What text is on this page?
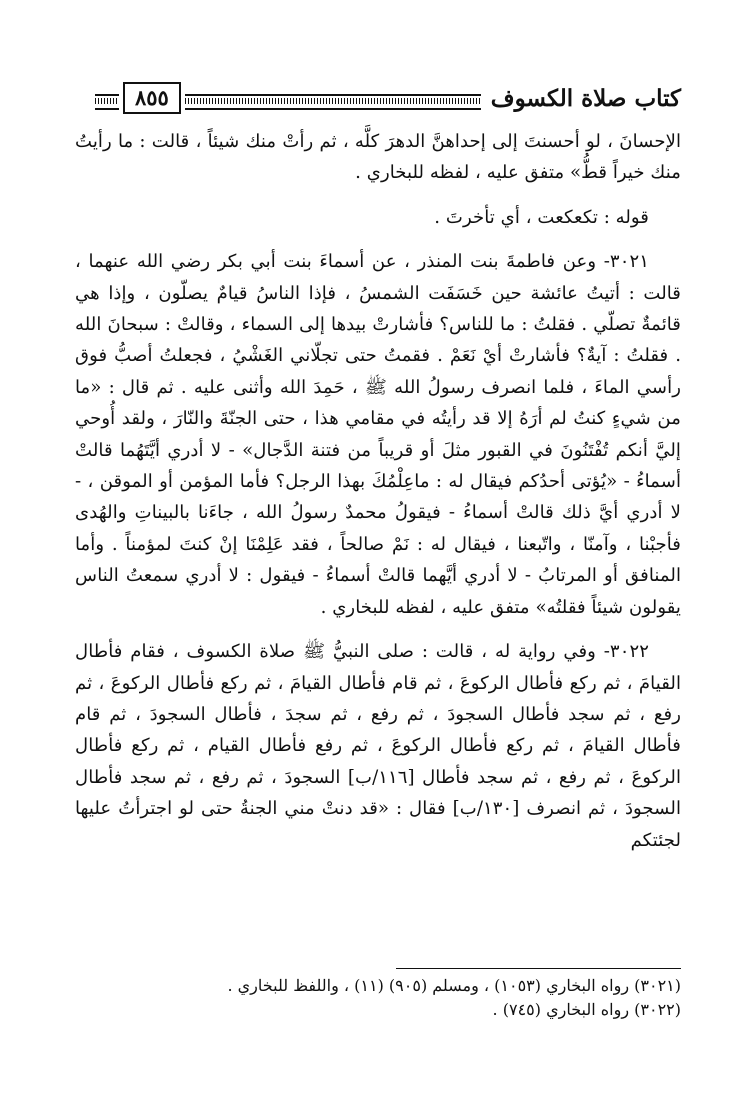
كتاب صلاة الكسوف
٨٥٥

الإحسانَ ، لو أحسنتَ إلى إحداهنَّ الدهرَ كلَّه ، ثم رأتْ منك شيئاً ، قالت : ما رأيتُ منك خيراً قطُّ» متفق عليه ، لفظه للبخاري .

قوله : تكعكعت ، أي تأخرتَ .

٣٠٢١- وعن فاطمةَ بنت المنذر ، عن أسماءَ بنت أبي بكر رضي الله عنهما ، قالت : أتيتُ عائشة حين خَسَفَت الشمسُ ، فإذا الناسُ قيامٌ يصلّون ، وإذا هي قائمةٌ تصلّي . فقلتُ : ما للناس؟ فأشارتْ بيدها إلى السماء ، وقالتْ : سبحانَ الله . فقلتُ : آيةٌ؟ فأشارتْ أيْ نَعَمْ . فقمتُ حتى تجلّاني الغَشْيُ ، فجعلتُ أصبُّ فوق رأسي الماءَ ، فلما انصرف رسولُ الله ﷺ ، حَمِدَ الله وأثنى عليه . ثم قال : «ما من شيءٍ كنتُ لم أرَهُ إلا قد رأيتُه في مقامي هذا ، حتى الجنّةَ والنّارَ ، ولقد أُوحي إليَّ أنكم تُفْتَنُونَ في القبور مثلَ أو قريباً من فتنة الدَّجال» - لا أدري أيَّتَهُما قالتْ أسماءُ - «يُؤتى أحدُكم فيقال له : ماعِلْمُكَ بهذا الرجل؟ فأما المؤمن أو الموقن ، - لا أدري أيَّ ذلك قالتْ أسماءُ - فيقولُ محمدٌ رسولُ الله ، جاءَنا بالبيناتِ والهُدى فأجبْنا ، وآمنّا ، واتّبعنا ، فيقال له : نَمْ صالحاً ، فقد عَلِمْنَا إنْ كنتَ لمؤمناً . وأما المنافق أو المرتابُ - لا أدري أيَّهما قالتْ أسماءُ - فيقول : لا أدري سمعتُ الناس يقولون شيئاً فقلتُه» متفق عليه ، لفظه للبخاري .

٣٠٢٢- وفي رواية له ، قالت : صلى النبيُّ ﷺ صلاة الكسوف ، فقام فأطال القيامَ ، ثم ركع فأطال الركوعَ ، ثم قام فأطال القيامَ ، ثم ركع فأطال الركوعَ ، ثم رفع ، ثم سجد فأطال السجودَ ، ثم رفع ، ثم سجدَ ، فأطال السجودَ ، ثم قام فأطال القيامَ ، ثم ركع فأطال الركوعَ ، ثم رفع فأطال القيام ، ثم ركع فأطال الركوعَ ، ثم رفع ، ثم سجد فأطال [١١٦/ب] السجودَ ، ثم رفع ، ثم سجد فأطال السجودَ ، ثم انصرف [١٣٠/ب] فقال : «قد دنتْ مني الجنةُ حتى لو اجترأتُ عليها لجئتكم

(٣٠٢١) رواه البخاري (١٠٥٣) ، ومسلم (٩٠٥) (١١) ، واللفظ للبخاري .

(٣٠٢٢) رواه البخاري (٧٤٥) .
